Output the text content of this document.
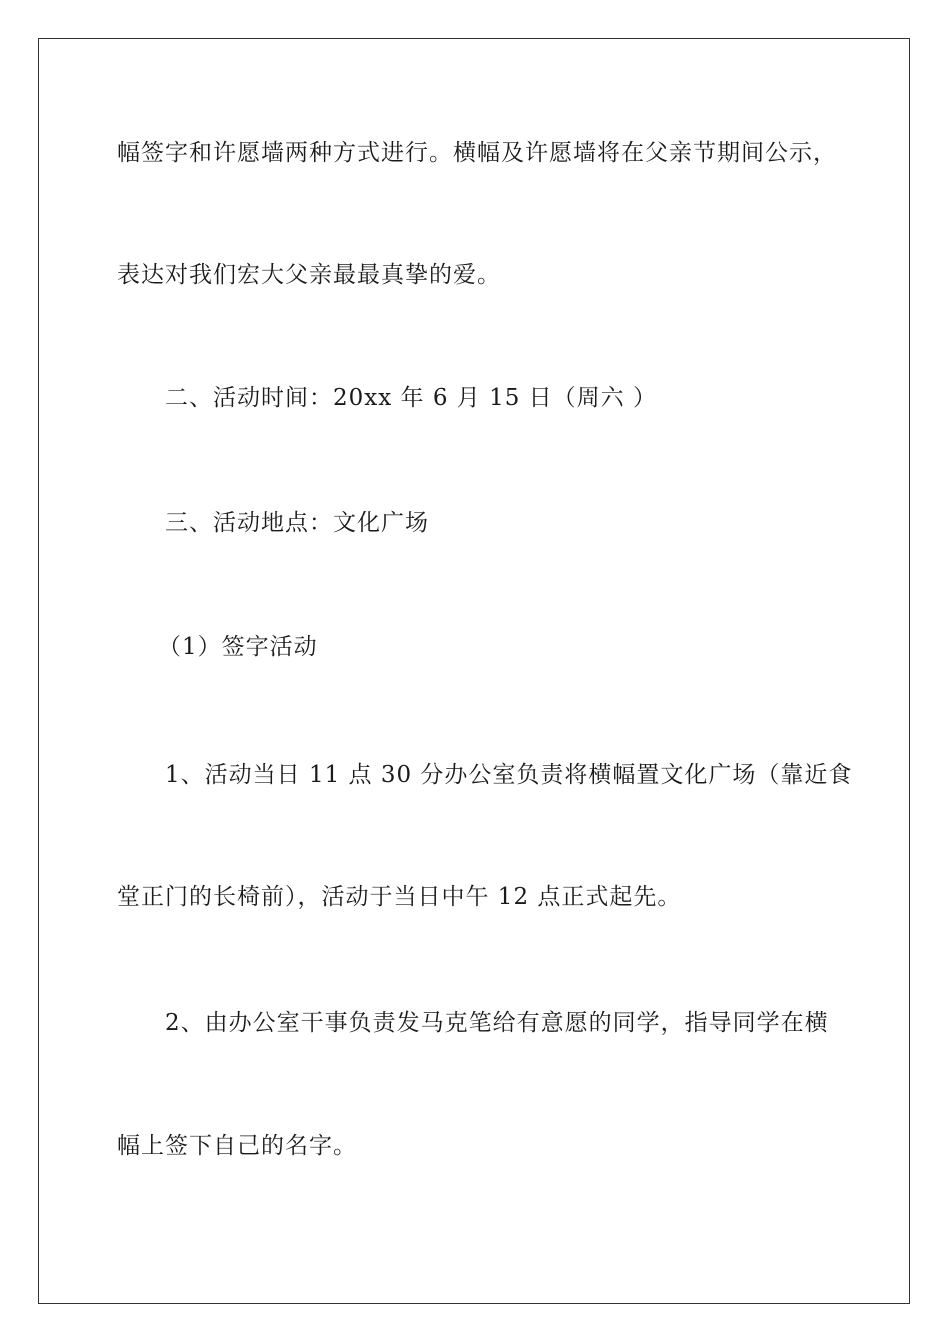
幅签字和许愿墙两种方式进行。横幅及许愿墙将在父亲节期间公示，

表达对我们宏大父亲最最真挚的爱。

二、活动时间：20xx 年 6 月 15 日（周六 ）

三、活动地点：文化广场

（1）签字活动

1、活动当日 11 点 30 分办公室负责将横幅置文化广场（靠近食

堂正门的长椅前），活动于当日中午 12 点正式起先。

2、由办公室干事负责发马克笔给有意愿的同学，指导同学在横

幅上签下自己的名字。
